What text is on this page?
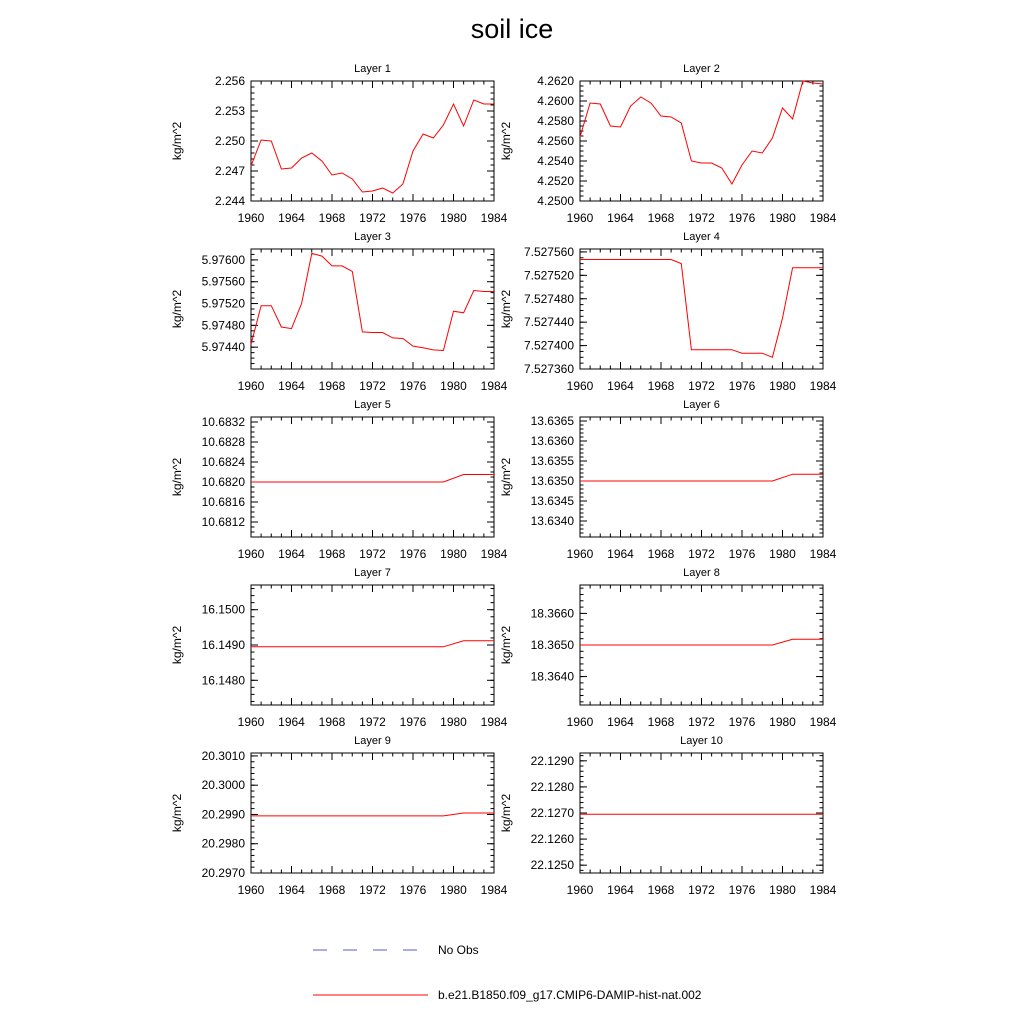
soil ice
Layer 1
kg/m^2
1960 1964 1968 1972 1976 1980 1984
2.244
2.247
2.250
2.253
2.256
Layer 2
kg/m^2
1960 1964 1968 1972 1976 1980 1984
4.2500
4.2520
4.2540
4.2560
4.2580
4.2600
4.2620
Layer 3
kg/m^2
1960 1964 1968 1972 1976 1980 1984
5.97440
5.97480
5.97520
5.97560
5.97600
Layer 4
kg/m^2
1960 1964 1968 1972 1976 1980 1984
7.527360
7.527400
7.527440
7.527480
7.527520
7.527560
Layer 5
kg/m^2
1960 1964 1968 1972 1976 1980 1984
10.6812
10.6816
10.6820
10.6824
10.6828
10.6832
Layer 6
kg/m^2
1960 1964 1968 1972 1976 1980 1984
13.6340
13.6345
13.6350
13.6355
13.6360
13.6365
Layer 7
kg/m^2
1960 1964 1968 1972 1976 1980 1984
16.1480
16.1490
16.1500
Layer 8
kg/m^2
1960 1964 1968 1972 1976 1980 1984
18.3640
18.3650
18.3660
Layer 9
kg/m^2
1960 1964 1968 1972 1976 1980 1984
20.2970
20.2980
20.2990
20.3000
20.3010
Layer 10
kg/m^2
1960 1964 1968 1972 1976 1980 1984
22.1250
22.1260
22.1270
22.1280
22.1290
No Obs
b.e21.B1850.f09_g17.CMIP6-DAMIP-hist-nat.002
